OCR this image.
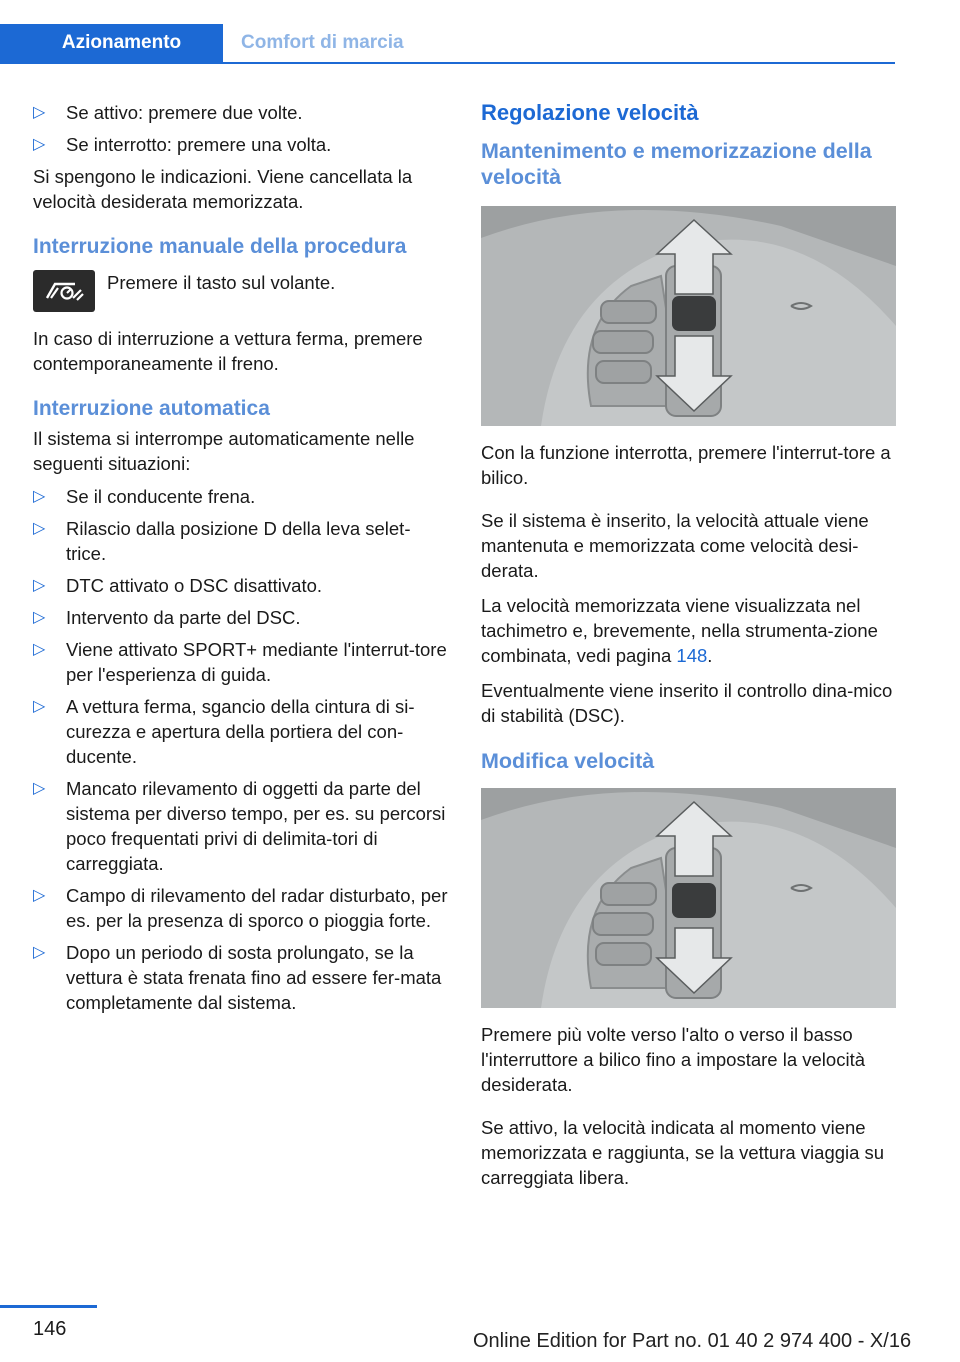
Azionamento	Comfort di marcia
▷ Se attivo: premere due volte.
▷ Se interrotto: premere una volta.

Si spengono le indicazioni. Viene cancellata la velocità desiderata memorizzata.

Interruzione manuale della procedura
Premere il tasto sul volante.

In caso di interruzione a vettura ferma, premere contemporaneamente il freno.

Interruzione automatica

Il sistema si interrompe automaticamente nelle seguenti situazioni:

▷ Se il conducente frena.
▷ Rilascio dalla posizione D della leva selet-trice.
▷ DTC attivato o DSC disattivato.
▷ Intervento da parte del DSC.
▷ Viene attivato SPORT+ mediante l'interrut-tore per l'esperienza di guida.
▷ A vettura ferma, sgancio della cintura di si-curezza e apertura della portiera del con-ducente.
▷ Mancato rilevamento di oggetti da parte del sistema per diverso tempo, per es. su percorsi poco frequentati privi di delimita-tori di carreggiata.
▷ Campo di rilevamento del radar disturbato, per es. per la presenza di sporco o pioggia forte.
▷ Dopo un periodo di sosta prolungato, se la vettura è stata frenata fino ad essere fer-mata completamente dal sistema.
Regolazione velocità
Mantenimento e memorizzazione della velocità

Con la funzione interrotta, premere l'interrut-tore a bilico.

Se il sistema è inserito, la velocità attuale viene mantenuta e memorizzata come velocità desi-derata.

La velocità memorizzata viene visualizzata nel tachimetro e, brevemente, nella strumenta-zione combinata, vedi pagina 148.

Eventualmente viene inserito il controllo dina-mico di stabilità (DSC).

Modifica velocità

Premere più volte verso l'alto o verso il basso l'interruttore a bilico fino a impostare la velocità desiderata.

Se attivo, la velocità indicata al momento viene memorizzata e raggiunta, se la vettura viaggia su carreggiata libera.

146
Online Edition for Part no. 01 40 2 974 400 - X/16
